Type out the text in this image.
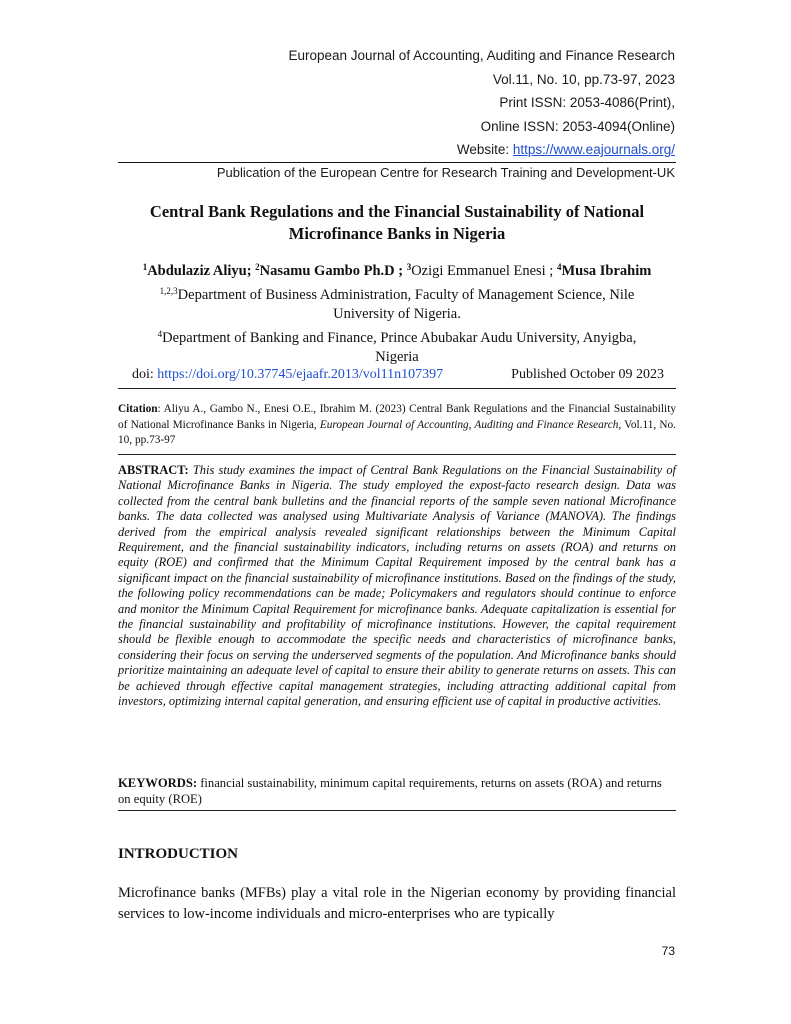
European Journal of Accounting, Auditing and Finance Research
Vol.11, No. 10, pp.73-97, 2023
Print ISSN: 2053-4086(Print),
Online ISSN: 2053-4094(Online)
Website: https://www.eajournals.org/
Publication of the European Centre for Research Training and Development-UK
Central Bank Regulations and the Financial Sustainability of National
Microfinance Banks in Nigeria
$^1$Abdulaziz Aliyu; $^2$Nasamu Gambo Ph.D ; $^3$Ozigi Emmanuel Enesi ; $^4$Musa Ibrahim
$^{1,2,3}$Department of Business Administration, Faculty of Management Science, Nile
University of Nigeria.
$^4$Department of Banking and Finance, Prince Abubakar Audu University, Anyigba,
Nigeria
doi: https://doi.org/10.37745/ejaafr.2013/vol11n107397	Published October 09 2023
Citation: Aliyu A., Gambo N., Enesi O.E., Ibrahim M. (2023) Central Bank Regulations and the Financial Sustainability of National Microfinance Banks in Nigeria, European Journal of Accounting, Auditing and Finance Research, Vol.11, No. 10, pp.73-97
ABSTRACT: This study examines the impact of Central Bank Regulations on the Financial Sustainability of National Microfinance Banks in Nigeria. The study employed the expost-facto research design. Data was collected from the central bank bulletins and the financial reports of the sample seven national Microfinance banks. The data collected was analysed using Multivariate Analysis of Variance (MANOVA). The findings derived from the empirical analysis revealed significant relationships between the Minimum Capital Requirement, and the financial sustainability indicators, including returns on assets (ROA) and returns on equity (ROE) and confirmed that the Minimum Capital Requirement imposed by the central bank has a significant impact on the financial sustainability of microfinance institutions. Based on the findings of the study, the following policy recommendations can be made; Policymakers and regulators should continue to enforce and monitor the Minimum Capital Requirement for microfinance banks. Adequate capitalization is essential for the financial sustainability and profitability of microfinance institutions. However, the capital requirement should be flexible enough to accommodate the specific needs and characteristics of microfinance banks, considering their focus on serving the underserved segments of the population. And Microfinance banks should prioritize maintaining an adequate level of capital to ensure their ability to generate returns on assets. This can be achieved through effective capital management strategies, including attracting additional capital from investors, optimizing internal capital generation, and ensuring efficient use of capital in productive activities.
KEYWORDS: financial sustainability, minimum capital requirements, returns on assets (ROA) and returns on equity (ROE)
INTRODUCTION

Microfinance banks (MFBs) play a vital role in the Nigerian economy by providing financial services to low-income individuals and micro-enterprises who are typically

73
